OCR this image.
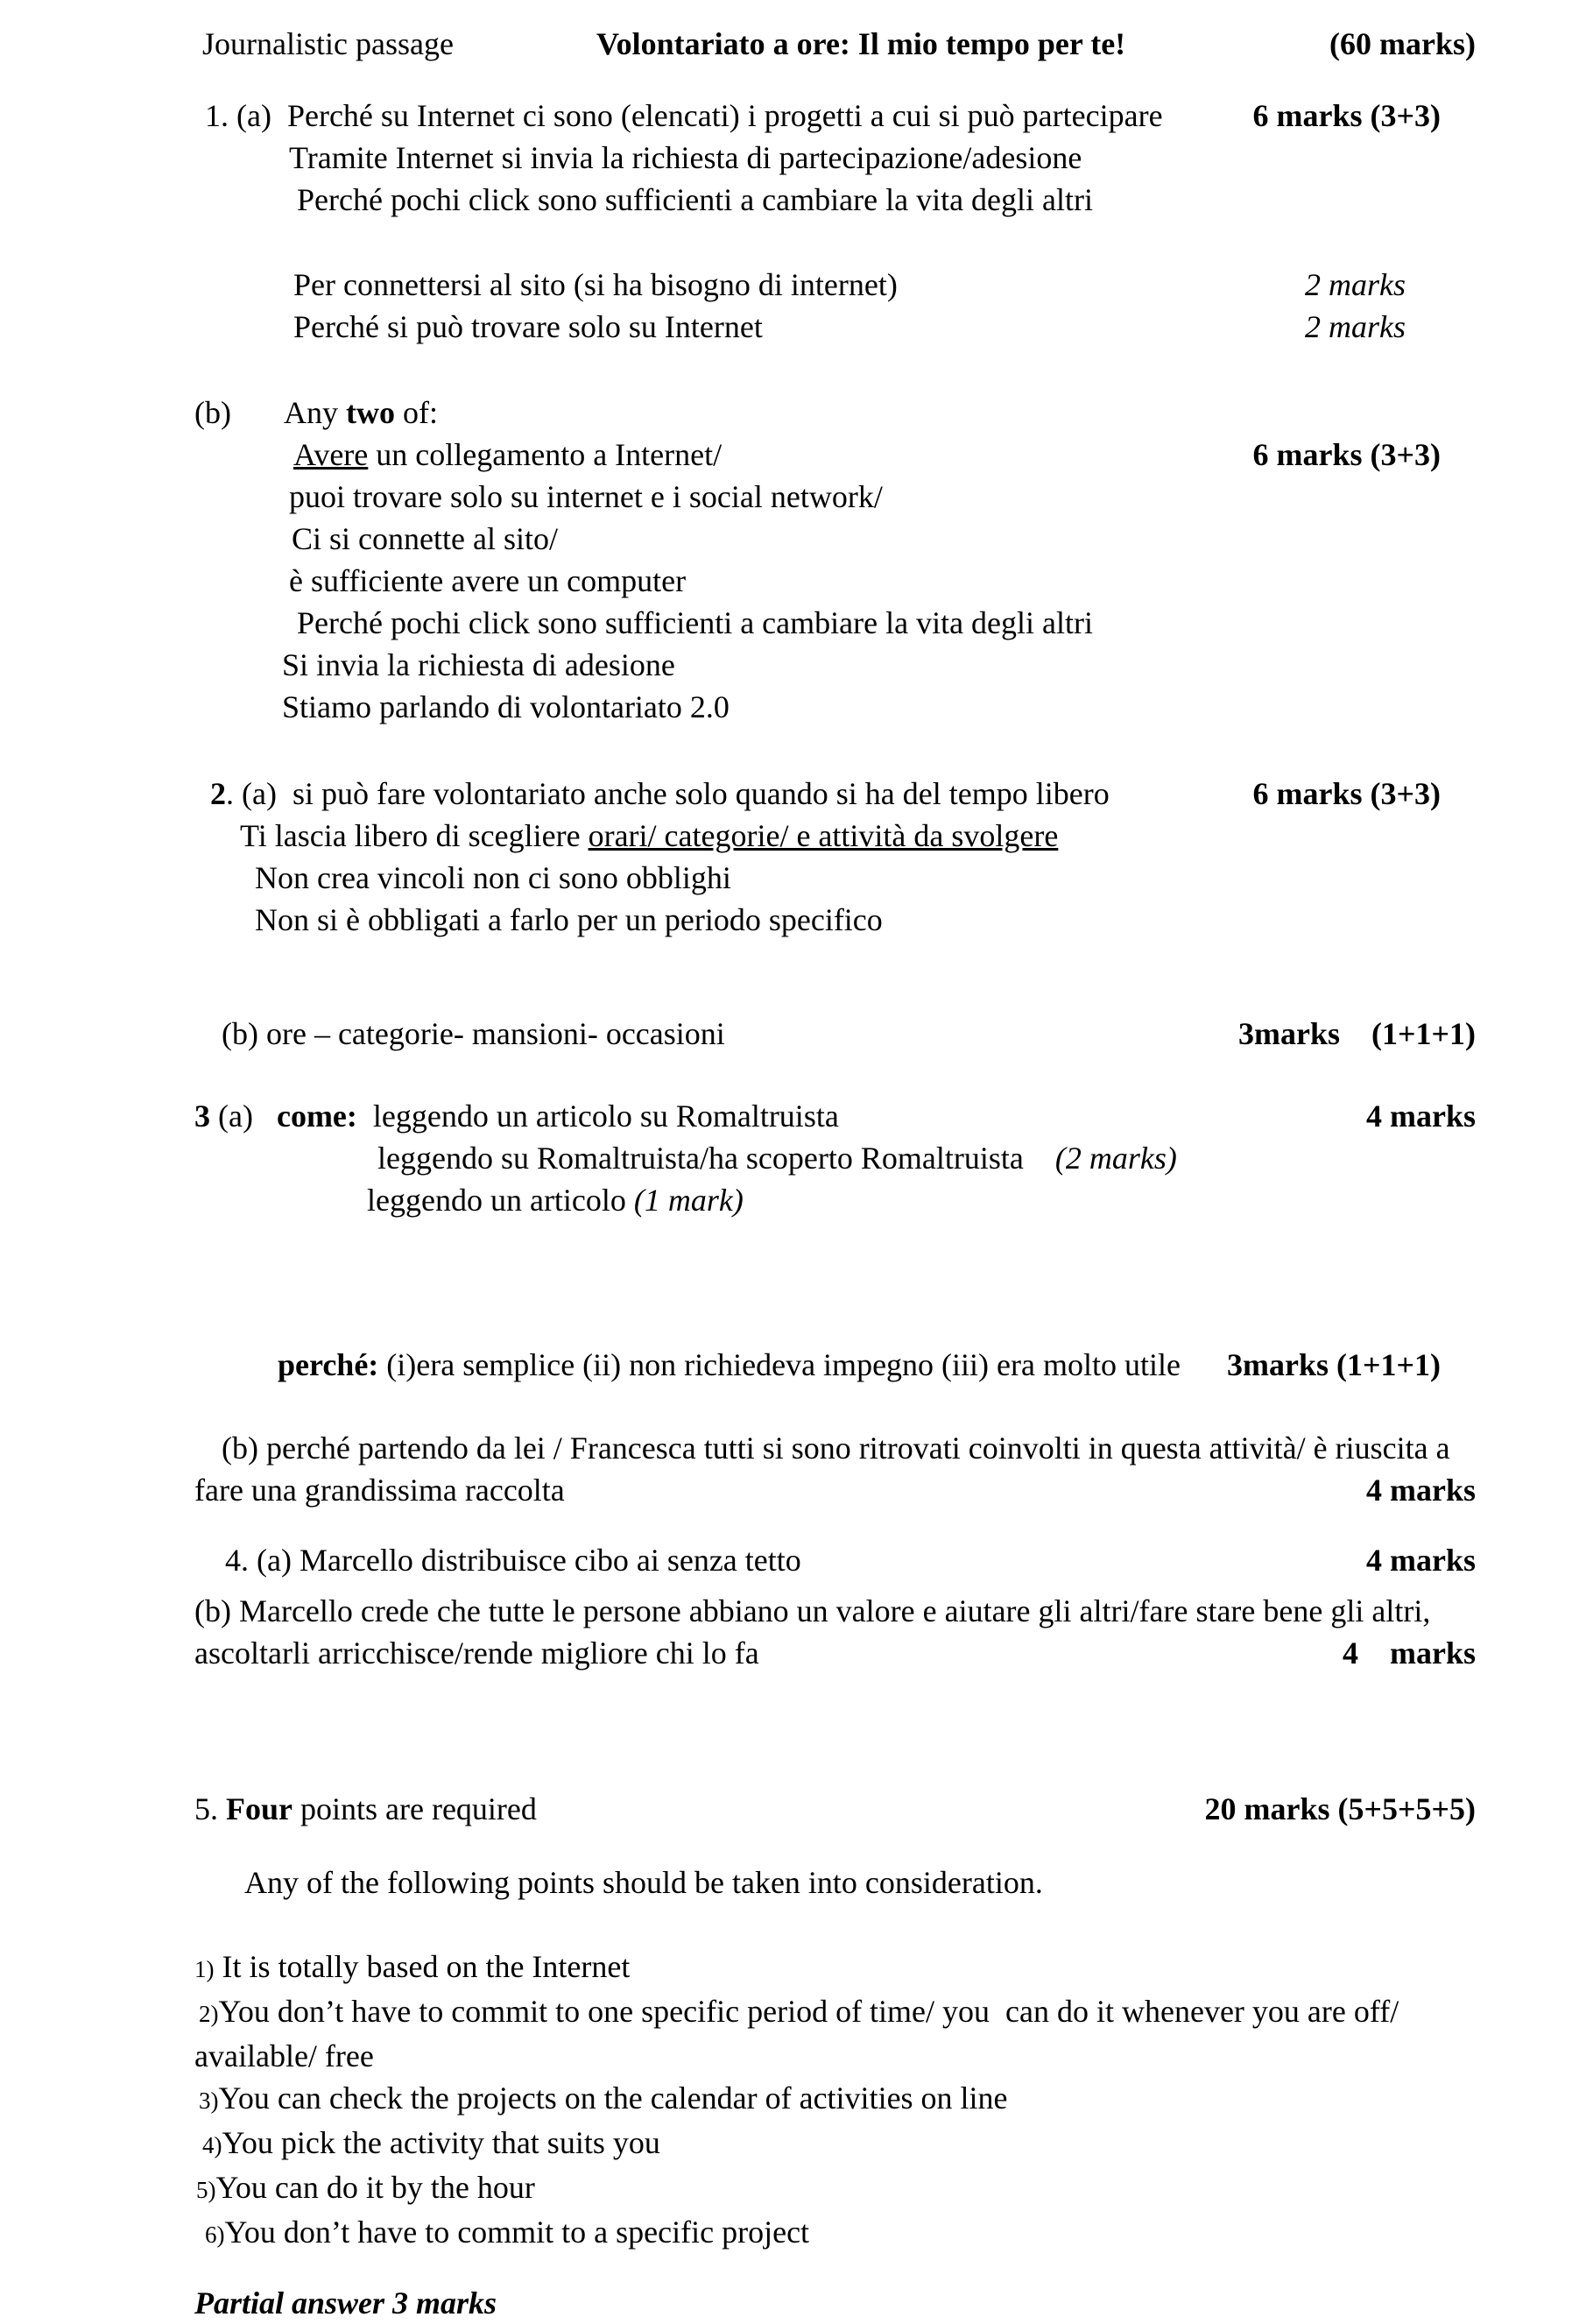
Journalistic passage	Volontariato a ore: Il mio tempo per te!	(60 marks)
1. (a)  Perché su Internet ci sono (elencati) i progetti a cui si può partecipare	6 marks (3+3)
Tramite Internet si invia la richiesta di partecipazione/adesione
Perché pochi click sono sufficienti a cambiare la vita degli altri
Per connettersi al sito (si ha bisogno di internet)	2 marks
Perché si può trovare solo su Internet	2 marks
(b) Any two of:
Avere un collegamento a Internet/	6 marks (3+3)
puoi trovare solo su internet e i social network/
Ci si connette al sito/
è sufficiente avere un computer
Perché pochi click sono sufficienti a cambiare la vita degli altri
Si invia la richiesta di adesione
Stiamo parlando di volontariato 2.0
2 . (a)  si può fare volontariato anche solo quando si ha del tempo libero	6 marks (3+3)
Ti lascia libero di scegliere orari/ categorie/ e attività da svolgere
Non crea vincoli non ci sono obblighi
Non si è obbligati a farlo per un periodo specifico
(b) ore – categorie- mansioni- occasioni	3marks    (1+1+1)
3 (a) come: leggendo un articolo su Romaltruista	4 marks
leggendo su Romaltruista/ha scoperto Romaltruista (2 marks)
leggendo un articolo (1 mark)
perché: (i)era semplice (ii) non richiedeva impegno (iii) era molto utile	3marks (1+1+1)
(b) perché partendo da lei / Francesca tutti si sono ritrovati coinvolti in questa attività/ è riuscita a
fare una grandissima raccolta	4 marks
4. (a) Marcello distribuisce cibo ai senza tetto	4 marks
(b) Marcello crede che tutte le persone abbiano un valore e aiutare gli altri/fare stare bene gli altri,
ascoltarli arricchisce/rende migliore chi lo fa	4    marks
5. Four points are required	20 marks (5+5+5+5)
Any of the following points should be taken into consideration.
1) It is totally based on the Internet
2) You don’t have to commit to one specific period of time/ you  can do it whenever you are off/
available/ free
3) You can check the projects on the calendar of activities on line
4) You pick the activity that suits you
5) You can do it by the hour
6) You don’t have to commit to a specific project
Partial answer 3 marks
